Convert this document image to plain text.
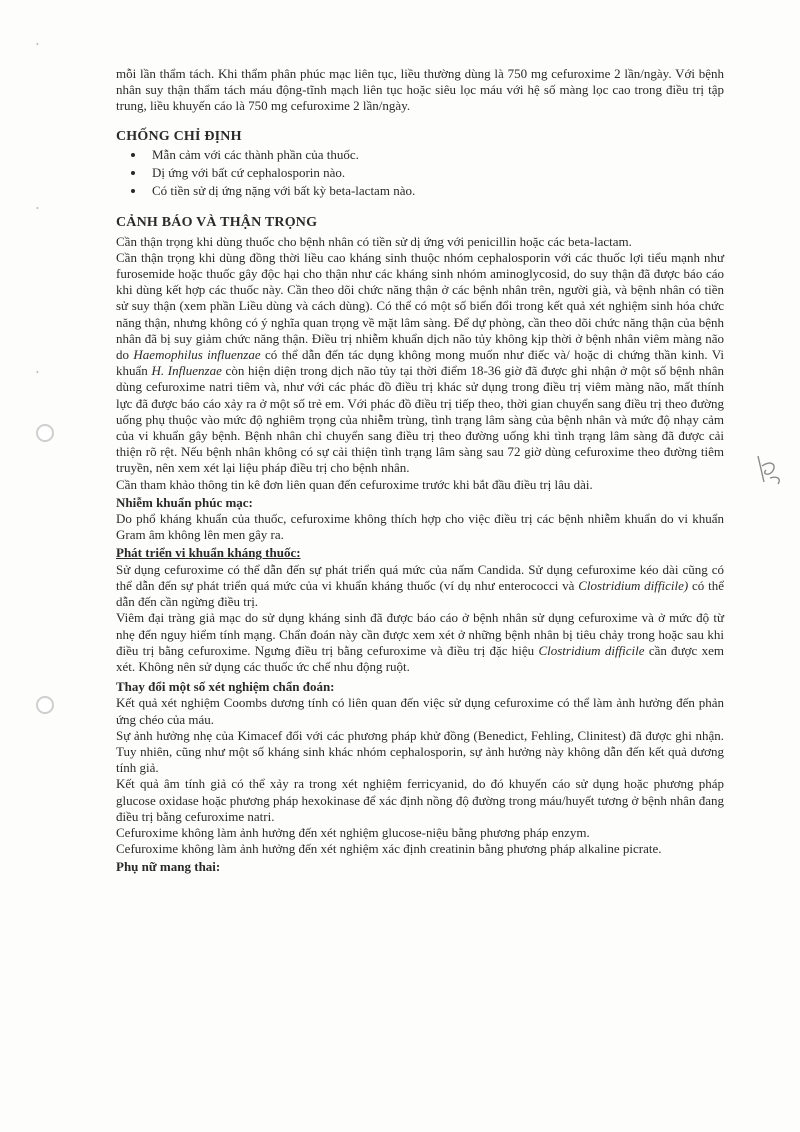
•
•
•

mỗi lần thẩm tách. Khi thẩm phân phúc mạc liên tục, liều thường dùng là 750 mg cefuroxime 2 lần/ngày. Với bệnh nhân suy thận thẩm tách máu động-tĩnh mạch liên tục hoặc siêu lọc máu với hệ số màng lọc cao trong điều trị tập trung, liều khuyến cáo là 750 mg cefuroxime 2 lần/ngày.

CHỐNG CHỈ ĐỊNH
• Mẫn cảm với các thành phần của thuốc.
• Dị ứng với bất cứ cephalosporin nào.
• Có tiền sử dị ứng nặng với bất kỳ beta-lactam nào.
CẢNH BÁO VÀ THẬN TRỌNG

Cần thận trọng khi dùng thuốc cho bệnh nhân có tiền sử dị ứng với penicillin hoặc các beta-lactam.

Cần thận trọng khi dùng đồng thời liều cao kháng sinh thuộc nhóm cephalosporin với các thuốc lợi tiểu mạnh như furosemide hoặc thuốc gây độc hại cho thận như các kháng sinh nhóm aminoglycosid, do suy thận đã được báo cáo khi dùng kết hợp các thuốc này. Cần theo dõi chức năng thận ở các bệnh nhân trên, người già, và bệnh nhân có tiền sử suy thận (xem phần Liều dùng và cách dùng). Có thể có một số biến đổi trong kết quả xét nghiệm sinh hóa chức năng thận, nhưng không có ý nghĩa quan trọng về mặt lâm sàng. Để dự phòng, cần theo dõi chức năng thận của bệnh nhân đã bị suy giảm chức năng thận. Điều trị nhiễm khuẩn dịch não tủy không kịp thời ở bệnh nhân viêm màng não do Haemophilus influenzae có thể dẫn đến tác dụng không mong muốn như điếc và/ hoặc di chứng thần kinh. Vi khuẩn H. Influenzae còn hiện diện trong dịch não tủy tại thời điểm 18-36 giờ đã được ghi nhận ở một số bệnh nhân dùng cefuroxime natri tiêm và, như với các phác đồ điều trị khác sử dụng trong điều trị viêm màng não, mất thính lực đã được báo cáo xảy ra ở một số trẻ em. Với phác đồ điều trị tiếp theo, thời gian chuyển sang điều trị theo đường uống phụ thuộc vào mức độ nghiêm trọng của nhiễm trùng, tình trạng lâm sàng của bệnh nhân và mức độ nhạy cảm của vi khuẩn gây bệnh. Bệnh nhân chỉ chuyển sang điều trị theo đường uống khi tình trạng lâm sàng đã được cải thiện rõ rệt. Nếu bệnh nhân không có sự cải thiện tình trạng lâm sàng sau 72 giờ dùng cefuroxime theo đường tiêm truyền, nên xem xét lại liệu pháp điều trị cho bệnh nhân.

Cần tham khảo thông tin kê đơn liên quan đến cefuroxime trước khi bắt đầu điều trị lâu dài.

Nhiễm khuẩn phúc mạc:

Do phổ kháng khuẩn của thuốc, cefuroxime không thích hợp cho việc điều trị các bệnh nhiễm khuẩn do vi khuẩn Gram âm không lên men gây ra.

Phát triển vi khuẩn kháng thuốc:

Sử dụng cefuroxime có thể dẫn đến sự phát triển quá mức của nấm Candida. Sử dụng cefuroxime kéo dài cũng có thể dẫn đến sự phát triển quá mức của vi khuẩn kháng thuốc (ví dụ như enterococci và Clostridium difficile) có thể dẫn đến cần ngừng điều trị.

Viêm đại tràng giả mạc do sử dụng kháng sinh đã được báo cáo ở bệnh nhân sử dụng cefuroxime và ở mức độ từ nhẹ đến nguy hiểm tính mạng. Chẩn đoán này cần được xem xét ở những bệnh nhân bị tiêu chảy trong hoặc sau khi điều trị bằng cefuroxime. Ngưng điều trị bằng cefuroxime và điều trị đặc hiệu Clostridium difficile cần được xem xét. Không nên sử dụng các thuốc ức chế nhu động ruột.

Thay đổi một số xét nghiệm chẩn đoán:

Kết quả xét nghiệm Coombs dương tính có liên quan đến việc sử dụng cefuroxime có thể làm ảnh hưởng đến phản ứng chéo của máu.

Sự ảnh hưởng nhẹ của Kimacef đối với các phương pháp khử đồng (Benedict, Fehling, Clinitest) đã được ghi nhận. Tuy nhiên, cũng như một số kháng sinh khác nhóm cephalosporin, sự ảnh hưởng này không dẫn đến kết quả dương tính giả.

Kết quả âm tính giả có thể xảy ra trong xét nghiệm ferricyanid, do đó khuyến cáo sử dụng hoặc phương pháp glucose oxidase hoặc phương pháp hexokinase để xác định nồng độ đường trong máu/huyết tương ở bệnh nhân đang điều trị bằng cefuroxime natri.

Cefuroxime không làm ảnh hưởng đến xét nghiệm glucose-niệu bằng phương pháp enzym.

Cefuroxime không làm ảnh hưởng đến xét nghiệm xác định creatinin bằng phương pháp alkaline picrate.

Phụ nữ mang thai:
